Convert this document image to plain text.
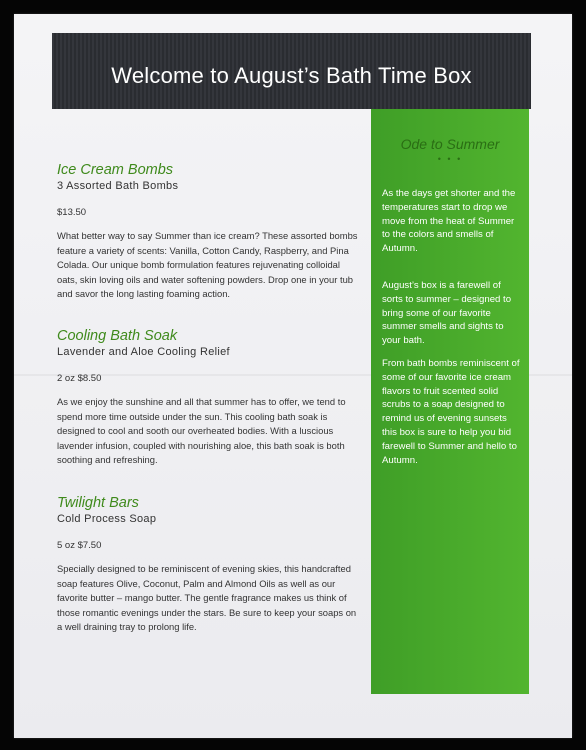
Welcome to August’s Bath Time Box
Ode to Summer
• • •
As the days get shorter and the temperatures start to drop we move from the heat of Summer to the colors and smells of Autumn.
August’s box is a farewell of sorts to summer – designed to bring some of our favorite summer smells and sights to your bath.
From bath bombs reminiscent of some of our favorite ice cream flavors to fruit scented solid scrubs to a soap designed to remind us of evening sunsets this box is sure to help you bid farewell to Summer and hello to Autumn.
Ice Cream Bombs
3 Assorted Bath Bombs
$13.50
What better way to say Summer than ice cream? These assorted bombs feature a variety of scents: Vanilla, Cotton Candy, Raspberry, and Pina Colada. Our unique bomb formulation features rejuvenating colloidal oats, skin loving oils and water softening powders. Drop one in your tub and savor the long lasting foaming action.
Cooling Bath Soak
Lavender and Aloe Cooling Relief
2 oz $8.50
As we enjoy the sunshine and all that summer has to offer, we tend to spend more time outside under the sun. This cooling bath soak is designed to cool and sooth our overheated bodies. With a luscious lavender infusion, coupled with nourishing aloe, this bath soak is both soothing and refreshing.
Twilight Bars
Cold Process Soap
5 oz $7.50
Specially designed to be reminiscent of evening skies, this handcrafted soap features Olive, Coconut, Palm and Almond Oils as well as our favorite butter – mango butter. The gentle fragrance makes us think of those romantic evenings under the stars. Be sure to keep your soaps on a well draining tray to prolong life.
